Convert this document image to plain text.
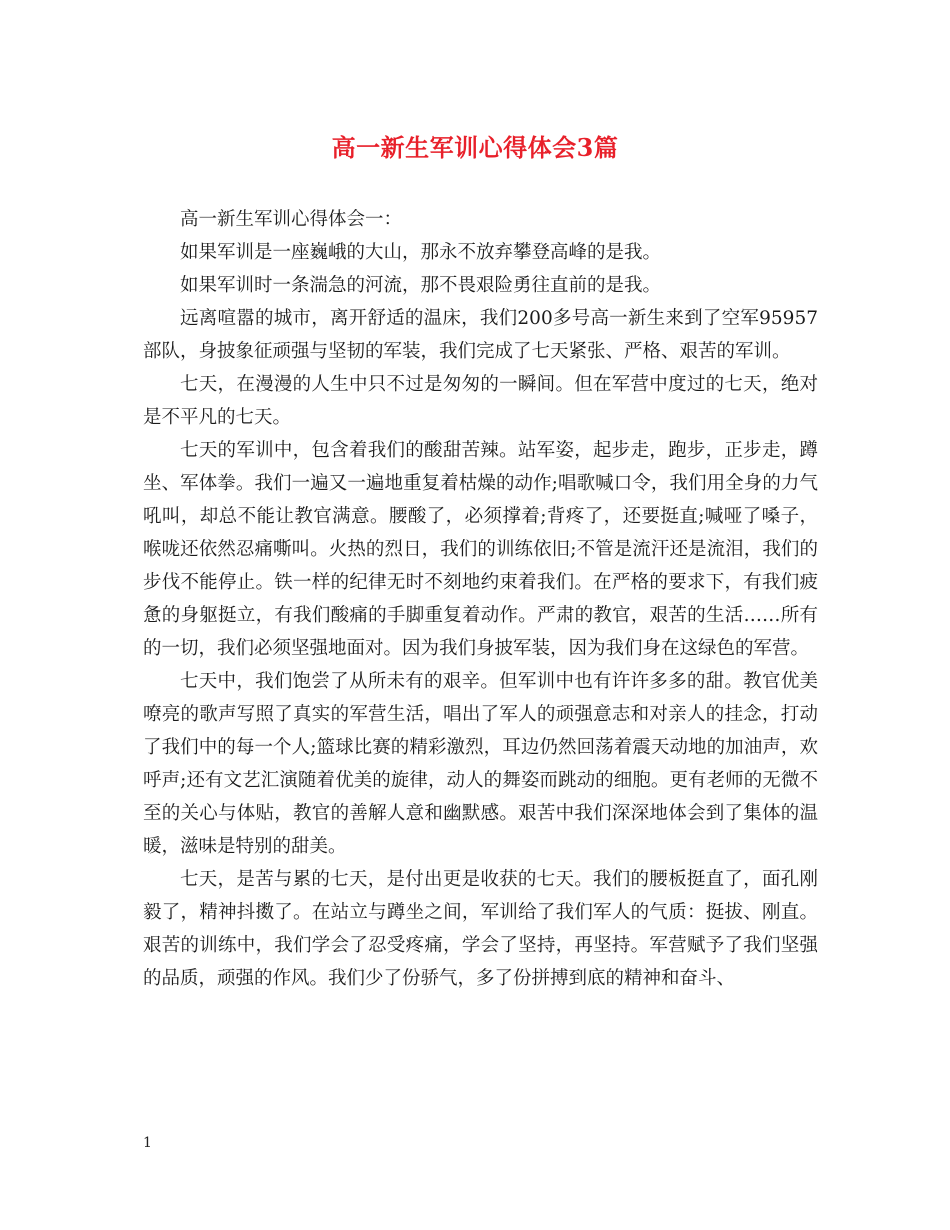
高一新生军训心得体会3篇

高一新生军训心得体会一：

如果军训是一座巍峨的大山，那永不放弃攀登高峰的是我。

如果军训时一条湍急的河流，那不畏艰险勇往直前的是我。

远离喧嚣的城市，离开舒适的温床，我们200多号高一新生来到了空军95957部队，身披象征顽强与坚韧的军装，我们完成了七天紧张、严格、艰苦的军训。

七天，在漫漫的人生中只不过是匆匆的一瞬间。但在军营中度过的七天，绝对是不平凡的七天。

七天的军训中，包含着我们的酸甜苦辣。站军姿，起步走，跑步，正步走，蹲坐、军体拳。我们一遍又一遍地重复着枯燥的动作;唱歌喊口令，我们用全身的力气吼叫，却总不能让教官满意。腰酸了，必须撑着;背疼了，还要挺直;喊哑了嗓子，喉咙还依然忍痛嘶叫。火热的烈日，我们的训练依旧;不管是流汗还是流泪，我们的步伐不能停止。铁一样的纪律无时不刻地约束着我们。在严格的要求下，有我们疲惫的身躯挺立，有我们酸痛的手脚重复着动作。严肃的教官，艰苦的生活……所有的一切，我们必须坚强地面对。因为我们身披军装，因为我们身在这绿色的军营。

七天中，我们饱尝了从所未有的艰辛。但军训中也有许许多多的甜。教官优美嘹亮的歌声写照了真实的军营生活，唱出了军人的顽强意志和对亲人的挂念，打动了我们中的每一个人;篮球比赛的精彩激烈，耳边仍然回荡着震天动地的加油声，欢呼声;还有文艺汇演随着优美的旋律，动人的舞姿而跳动的细胞。更有老师的无微不至的关心与体贴，教官的善解人意和幽默感。艰苦中我们深深地体会到了集体的温暖，滋味是特别的甜美。

七天，是苦与累的七天，是付出更是收获的七天。我们的腰板挺直了，面孔刚毅了，精神抖擞了。在站立与蹲坐之间，军训给了我们军人的气质：挺拔、刚直。艰苦的训练中，我们学会了忍受疼痛，学会了坚持，再坚持。军营赋予了我们坚强的品质，顽强的作风。我们少了份骄气，多了份拼搏到底的精神和奋斗、

1
